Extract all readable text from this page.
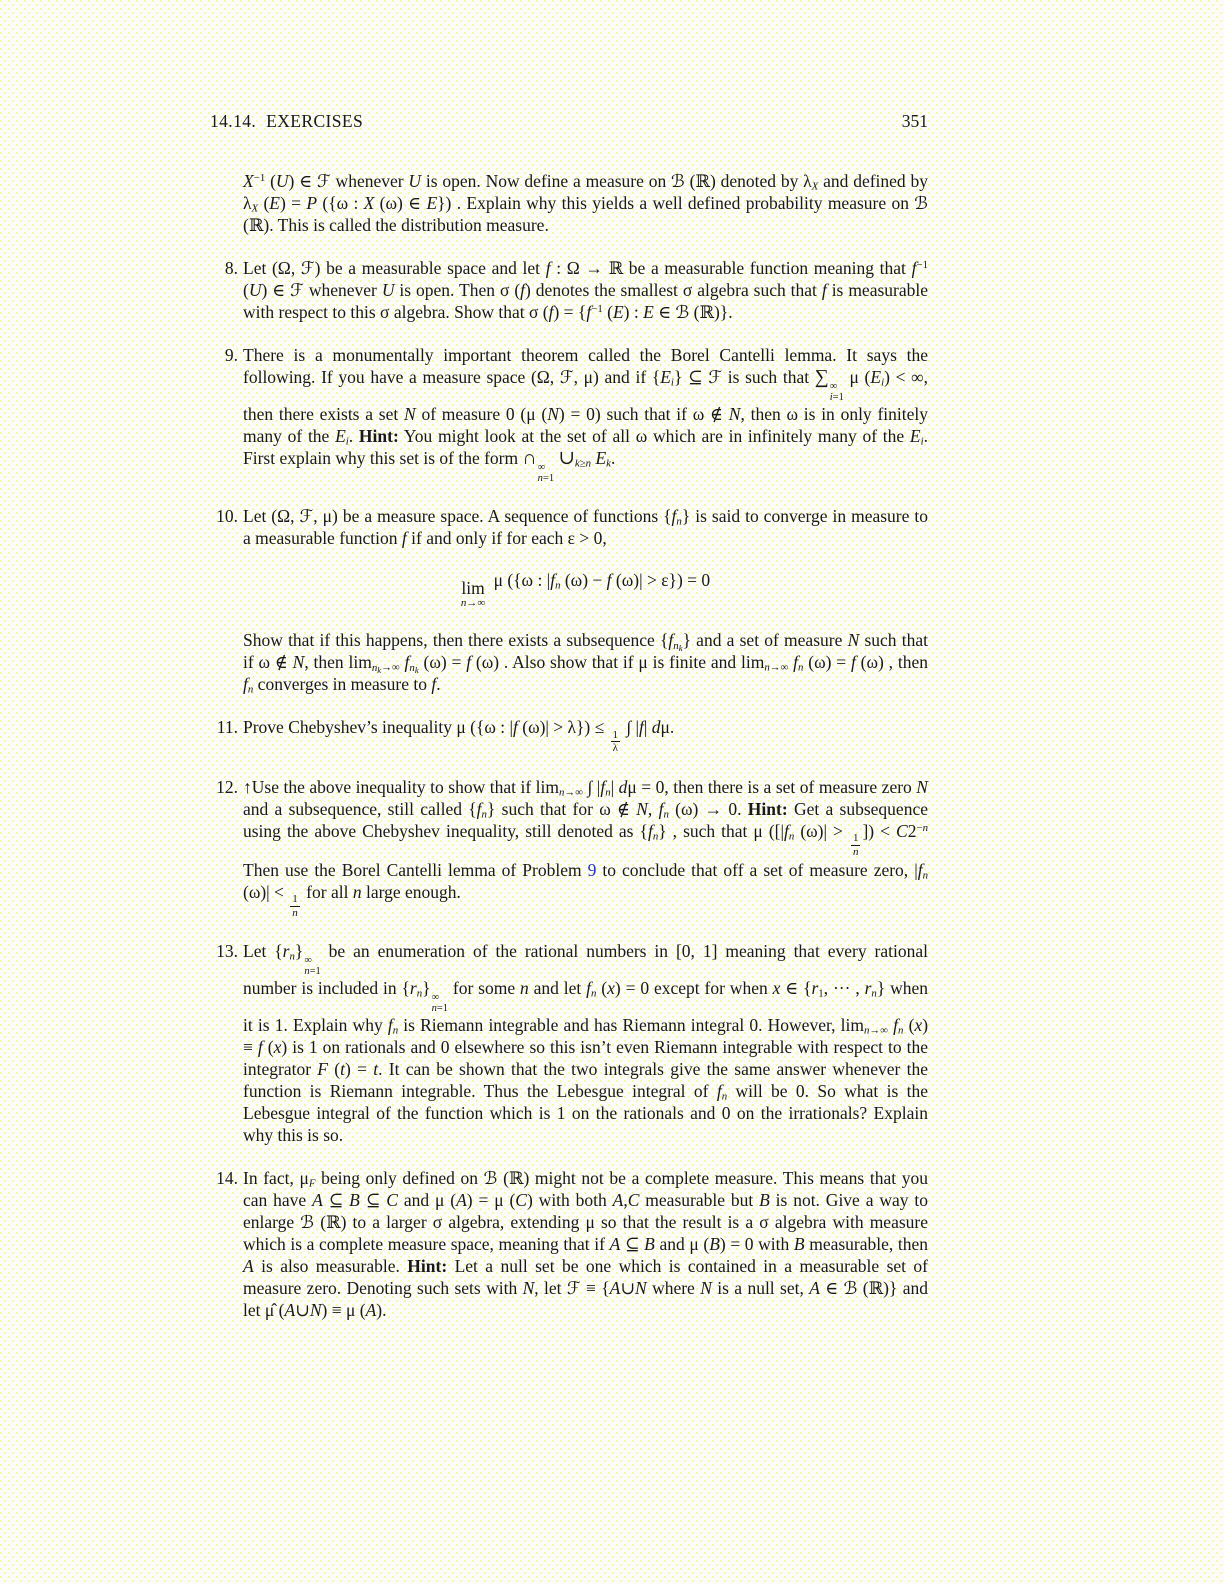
14.14. EXERCISES	351

$X^{-1}$ (U) ∈ ℱ whenever U is open. Now define a measure on ℬ (ℝ) denoted by $\lambda_X$ and defined by $\lambda_X$ (E) = P ({ω : X (ω) ∈ E}) . Explain why this yields a well defined probability measure on ℬ (ℝ). This is called the distribution measure.

8. Let (Ω, ℱ) be a measurable space and let f : Ω → ℝ be a measurable function meaning that $f^{-1}$ (U) ∈ ℱ whenever U is open. Then σ (f) denotes the smallest σ algebra such that f is measurable with respect to this σ algebra. Show that σ $(f) = \{f^{-1}$ (E) : E ∈ ℬ (ℝ)}.
9. There is a monumentally important theorem called the Borel Cantelli lemma. It says the following. If you have a measure space (Ω, ℱ, μ) and if $\{E_i\}$ ⊆ ℱ is such that ∑ ∞
i=1
μ $(E_i)$ < ∞, then there exists a set N of measure 0 (μ (N) = 0) such that if ω ∉ N, then ω is in only finitely many of the $E_i$. Hint: You might look at the set of all ω which are in infinitely many of the $E_i$. First explain why this set is of the form ∩ ∞
n=1
$\cup_{k\ge n}$ $E_k$.
10. Let (Ω, ℱ, μ) be a measure space. A sequence of functions $\{f_n\}$ is said to converge in measure to a measurable function f if and only if for each ε > 0,
lim
n→∞
μ ({ω : $|f_n$ (ω) − f (ω)| > ε}) = 0
Show that if this happens, then there exists a subsequence $\{f_{n_k}\}$ and a set of measure N such that if ω ∉ N, then $\lim_{n_k\to\infty} f_{n_k}$ (ω) = f (ω) . Also show that if μ is finite and $\lim_{n\to\infty} f_n$ (ω) = f (ω) , then $f_n$ converges in measure to f.
11. Prove Chebyshev’s inequality μ ({ω : |f (ω)| > λ}) ≤
$\frac{1}{\lambda}$
∫ |f| dμ.
12. ↑Use the above inequality to show that if $\lim_{n\to\infty}$ ∫ $|f_n|$ dμ = 0, then there is a set of measure zero N and a subsequence, still called $\{f_n\}$ such that for ω ∉ N, $f_n$ (ω) → 0. Hint: Get a subsequence using the above Chebyshev inequality, still denoted as $\{f_n\}$ , such that μ ([$|f_n$ (ω)| >
$\frac{1}{n}$
]) < $C2^{-n}$ Then use the Borel Cantelli lemma of Problem 9 to conclude that off a set of measure zero, $|f_n$ (ω)| <
$\frac{1}{n}$
for all n large enough.
13. Let $\{r_n\}$ ∞
n=1
be an enumeration of the rational numbers in [0, 1] meaning that every rational number is included in $\{r_n\}$ ∞
n=1
for some n and let $f_n$ (x) = 0 except for when x ∈ {$r_1$, ··· , $r_n$} when it is 1. Explain why $f_n$ is Riemann integrable and has Riemann integral 0. However, $\lim_{n\to\infty} f_n$ (x) ≡ f (x) is 1 on rationals and 0 elsewhere so this isn’t even Riemann integrable with respect to the integrator F (t) = t. It can be shown that the two integrals give the same answer whenever the function is Riemann integrable. Thus the Lebesgue integral of $f_n$ will be 0. So what is the Lebesgue integral of the function which is 1 on the rationals and 0 on the irrationals? Explain why this is so.
14. In fact, $\mu_F$ being only defined on ℬ (ℝ) might not be a complete measure. This means that you can have A ⊆ B ⊆ C and μ (A) = μ (C) with both A,C measurable but B is not. Give a way to enlarge ℬ (ℝ) to a larger σ algebra, extending μ so that the result is a σ algebra with measure which is a complete measure space, meaning that if A ⊆ B and μ (B) = 0 with B measurable, then A is also measurable. Hint: Let a null set be one which is contained in a measurable set of measure zero. Denoting such sets with N, let ℱ ≡ {A∪N where N is a null set, A ∈ ℬ (ℝ)} and let μ̂ (A∪N) ≡ μ (A).
